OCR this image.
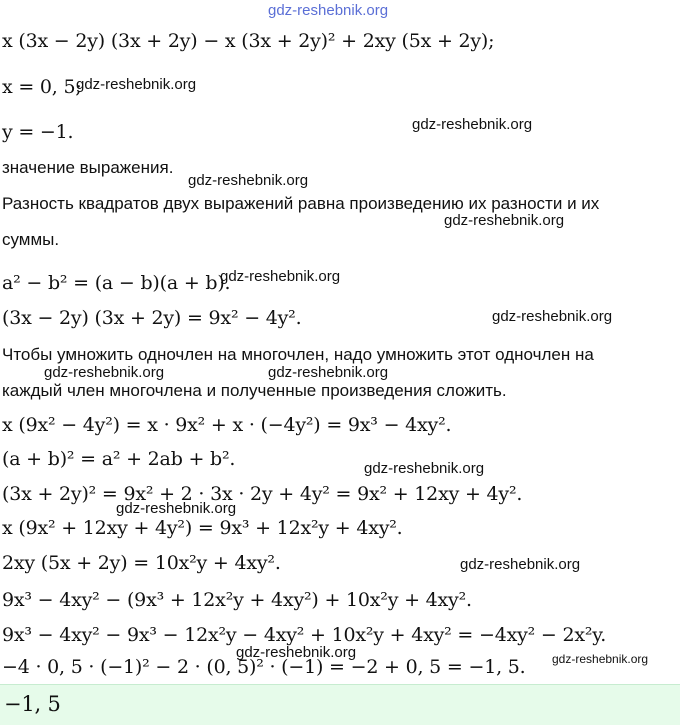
x (3x − 2y) (3x + 2y) − x (3x + 2y)² + 2xy (5x + 2y);
x = 0, 5;
y = −1.
значение выражения.
Разность квадратов двух выражений равна произведению их разности и их
суммы.
a² − b² = (a − b)(a + b).
(3x − 2y) (3x + 2y) = 9x² − 4y².
Чтобы умножить одночлен на многочлен, надо умножить этот одночлен на
каждый член многочлена и полученные произведения сложить.
x (9x² − 4y²) = x · 9x² + x · (−4y²) = 9x³ − 4xy².
(a + b)² = a² + 2ab + b².
(3x + 2y)² = 9x² + 2 · 3x · 2y + 4y² = 9x² + 12xy + 4y².
x (9x² + 12xy + 4y²) = 9x³ + 12x²y + 4xy².
2xy (5x + 2y) = 10x²y + 4xy².
9x³ − 4xy² − (9x³ + 12x²y + 4xy²) + 10x²y + 4xy².
9x³ − 4xy² − 9x³ − 12x²y − 4xy² + 10x²y + 4xy² = −4xy² − 2x²y.
−4 · 0, 5 · (−1)² − 2 · (0, 5)² · (−1) = −2 + 0, 5 = −1, 5.
−1, 5
gdz-reshebnik.org
gdz-reshebnik.org
gdz-reshebnik.org
gdz-reshebnik.org
gdz-reshebnik.org
gdz-reshebnik.org
gdz-reshebnik.org
gdz-reshebnik.org	gdz-reshebnik.org
gdz-reshebnik.org
gdz-reshebnik.org
gdz-reshebnik.org
gdz-reshebnik.org	gdz-reshebnik.org
